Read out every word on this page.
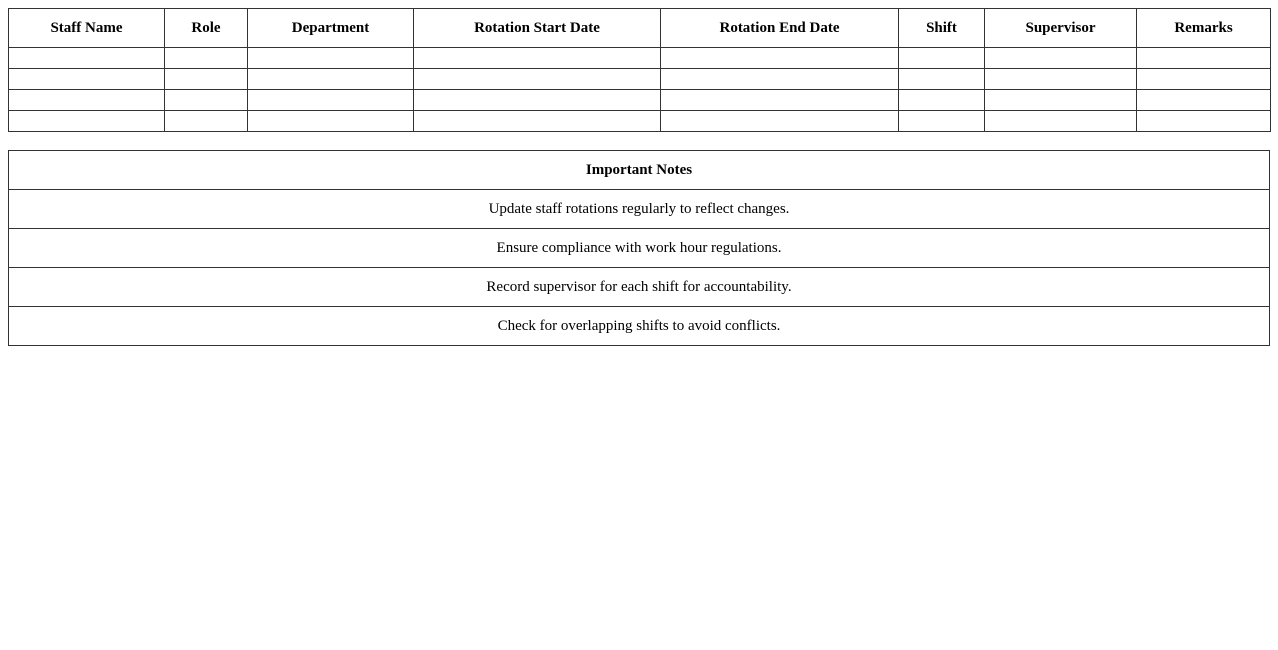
Staff Name	Role	Department	Rotation Start Date	Rotation End Date	Shift	Supervisor	Remarks

Important Notes
Update staff rotations regularly to reflect changes.
Ensure compliance with work hour regulations.
Record supervisor for each shift for accountability.
Check for overlapping shifts to avoid conflicts.
